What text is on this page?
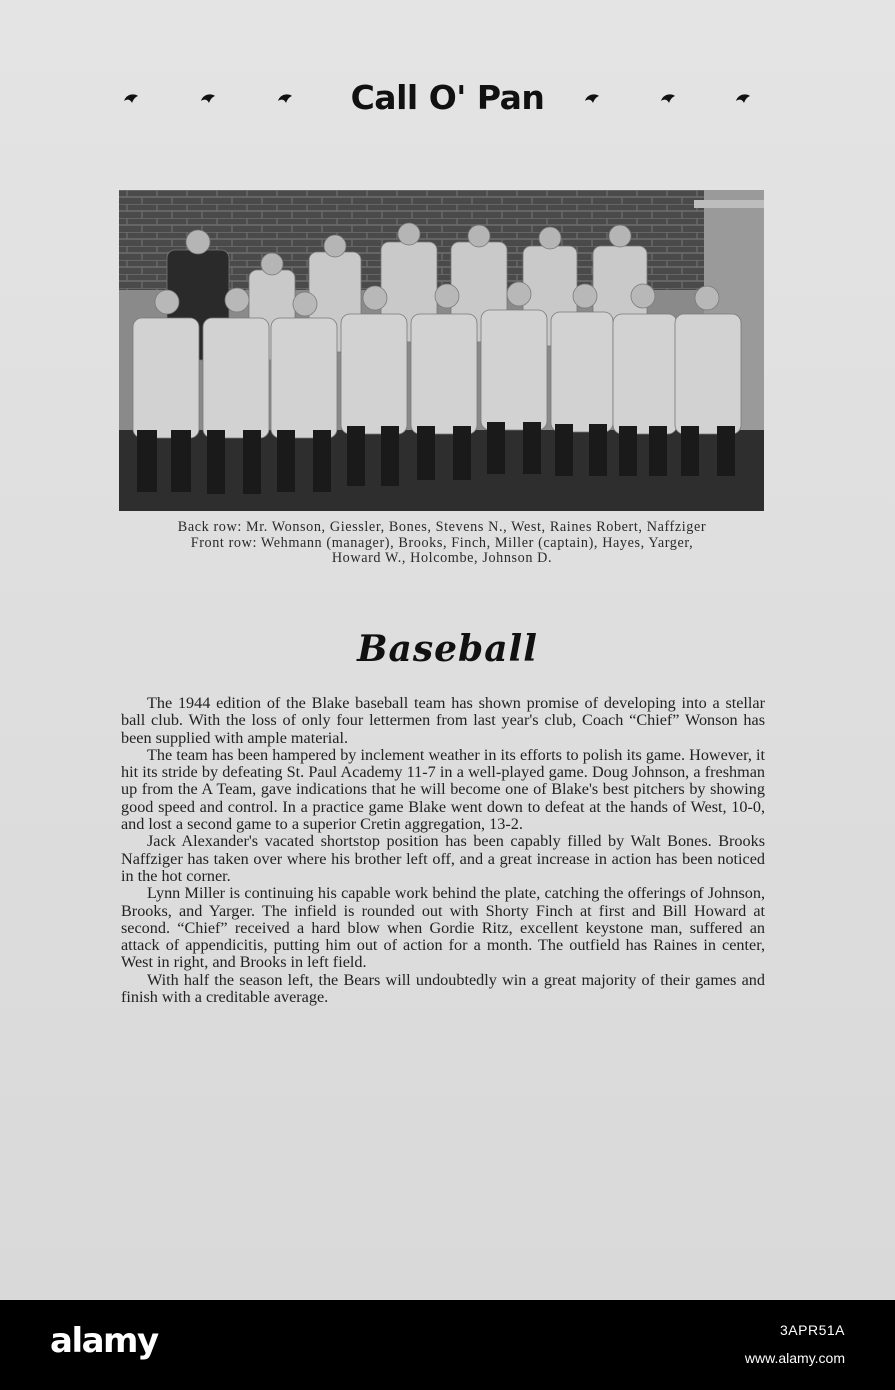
Call O' Pan
Back row: Mr. Wonson, Giessler, Bones, Stevens N., West, Raines Robert, Naffziger
Front row: Wehmann (manager), Brooks, Finch, Miller (captain), Hayes, Yarger,
Howard W., Holcombe, Johnson D.
Baseball

The 1944 edition of the Blake baseball team has shown promise of developing into a stellar ball club. With the loss of only four lettermen from last year's club, Coach “Chief” Wonson has been supplied with ample material.

The team has been hampered by inclement weather in its efforts to polish its game. However, it hit its stride by defeating St. Paul Academy 11-7 in a well-played game. Doug Johnson, a freshman up from the A Team, gave indications that he will become one of Blake's best pitchers by showing good speed and control. In a practice game Blake went down to defeat at the hands of West, 10-0, and lost a second game to a superior Cretin aggregation, 13-2.

Jack Alexander's vacated shortstop position has been capably filled by Walt Bones. Brooks Naffziger has taken over where his brother left off, and a great increase in action has been noticed in the hot corner.

Lynn Miller is continuing his capable work behind the plate, catching the offerings of Johnson, Brooks, and Yarger. The infield is rounded out with Shorty Finch at first and Bill Howard at second. “Chief” received a hard blow when Gordie Ritz, excellent keystone man, suffered an attack of appendicitis, putting him out of action for a month. The outfield has Raines in center, West in right, and Brooks in left field.

With half the season left, the Bears will undoubtedly win a great majority of their games and finish with a creditable average.

alamy	3APR51A
www.alamy.com
